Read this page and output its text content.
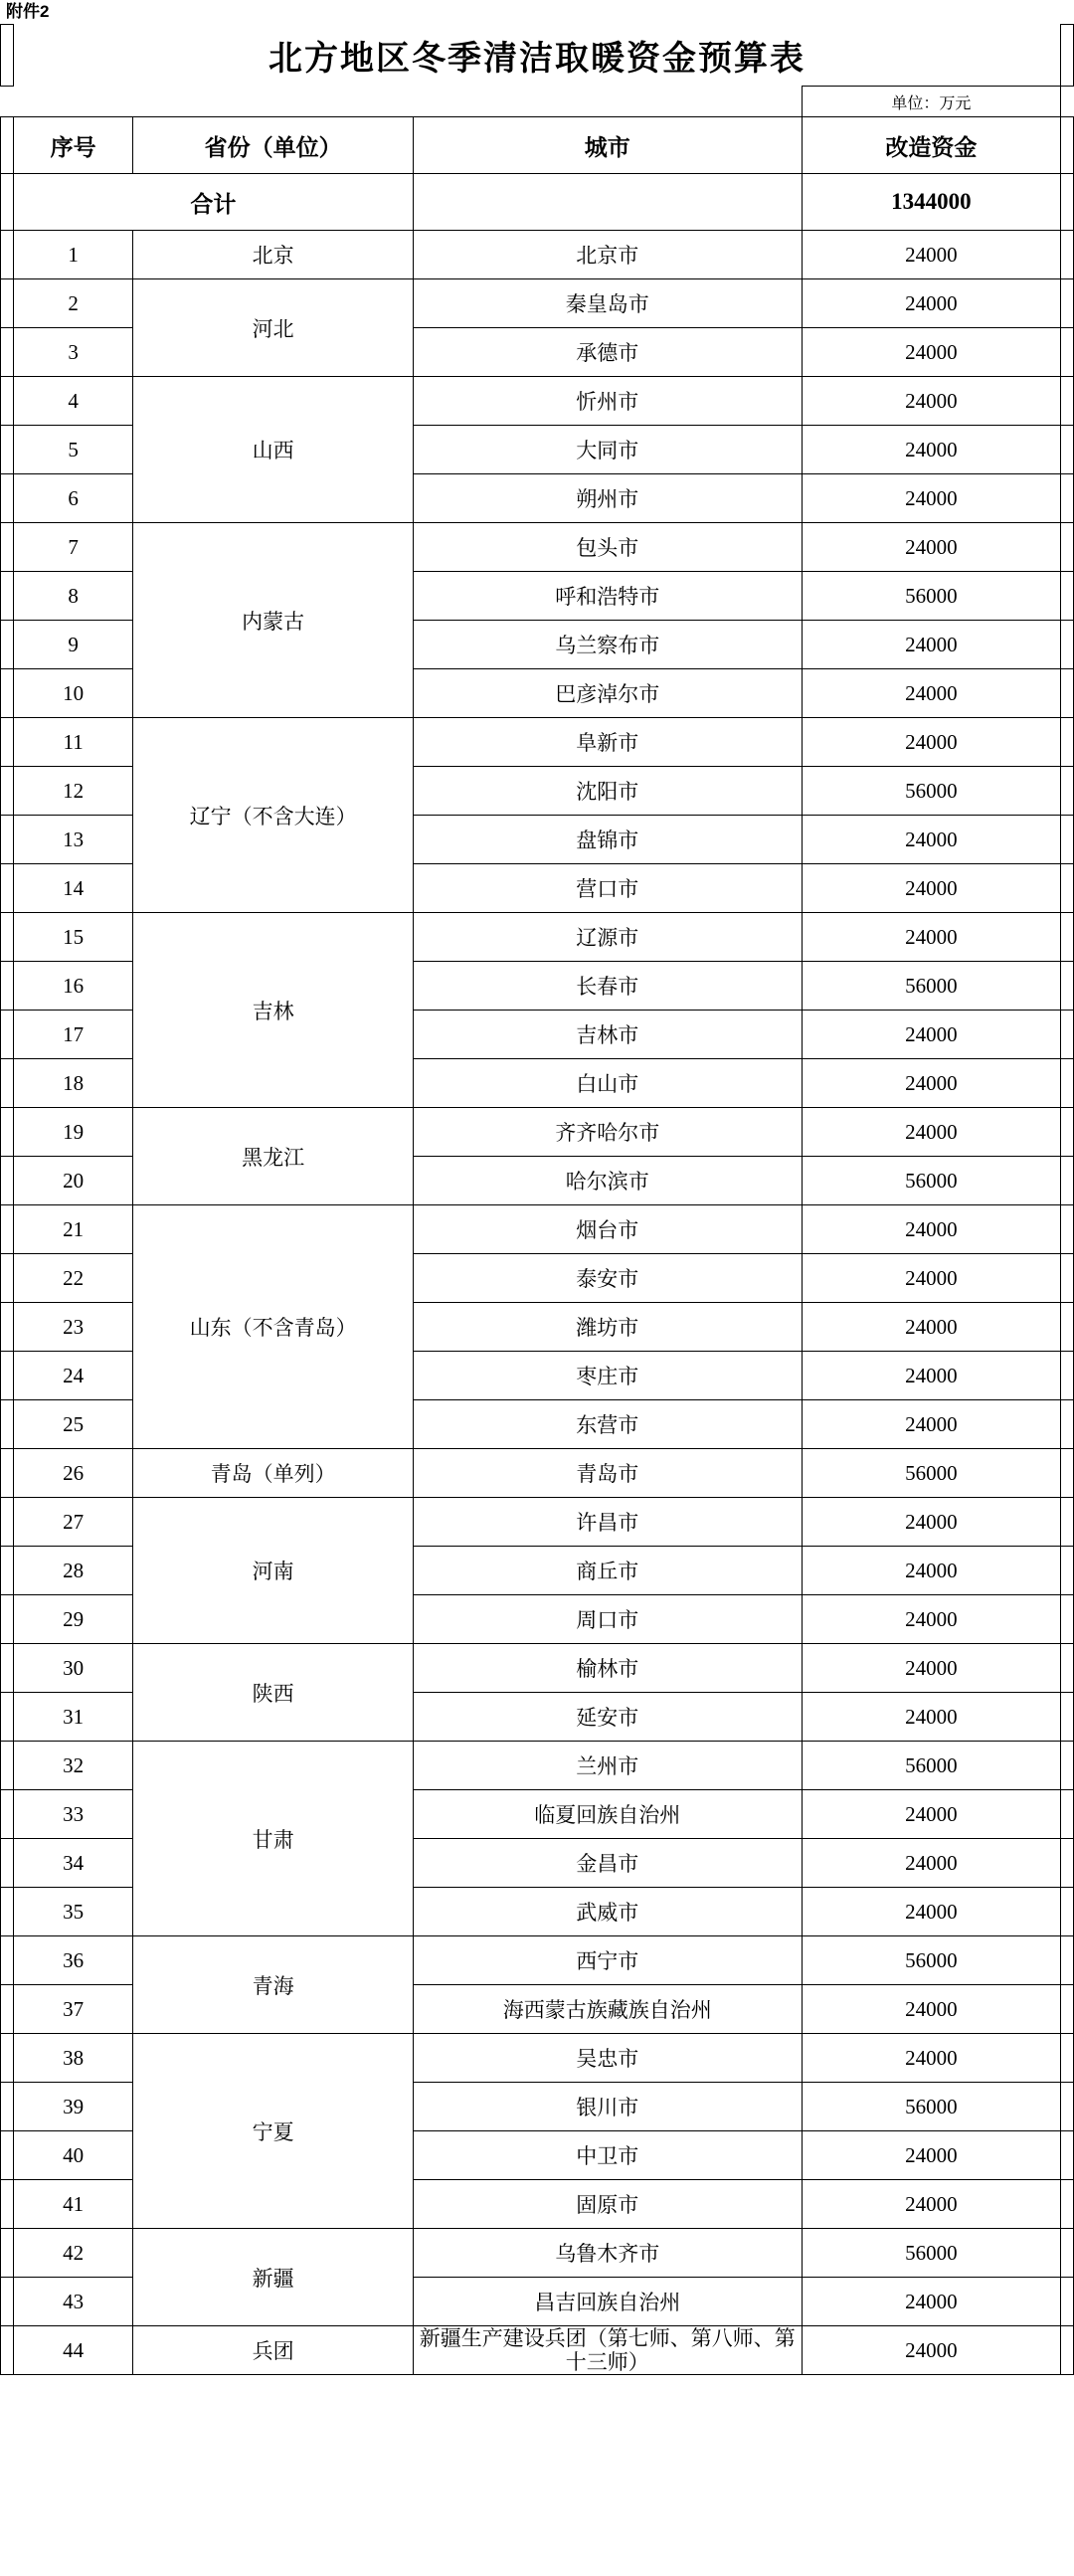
附件2
	北方地区冬季清洁取暖资金预算表				
				单位：万元	
	序号	省份（单位）	城市	改造资金	
	合计			1344000	
	1	北京	北京市	24000	
	2	河北	秦皇岛市	24000	
	3		承德市	24000	
	4	山西	忻州市	24000	
	5		大同市	24000	
	6		朔州市	24000	
	7	内蒙古	包头市	24000	
	8		呼和浩特市	56000	
	9		乌兰察布市	24000	
	10		巴彦淖尔市	24000	
	11	辽宁（不含大连）	阜新市	24000	
	12		沈阳市	56000	
	13		盘锦市	24000	
	14		营口市	24000	
	15	吉林	辽源市	24000	
	16		长春市	56000	
	17		吉林市	24000	
	18		白山市	24000	
	19	黑龙江	齐齐哈尔市	24000	
	20		哈尔滨市	56000	
	21	山东（不含青岛）	烟台市	24000	
	22		泰安市	24000	
	23		潍坊市	24000	
	24		枣庄市	24000	
	25		东营市	24000	
	26	青岛（单列）	青岛市	56000	
	27	河南	许昌市	24000	
	28		商丘市	24000	
	29		周口市	24000	
	30	陕西	榆林市	24000	
	31		延安市	24000	
	32	甘肃	兰州市	56000	
	33		临夏回族自治州	24000	
	34		金昌市	24000	
	35		武威市	24000	
	36	青海	西宁市	56000	
	37		海西蒙古族藏族自治州	24000	
	38	宁夏	吴忠市	24000	
	39		银川市	56000	
	40		中卫市	24000	
	41		固原市	24000	
	42	新疆	乌鲁木齐市	56000	
	43		昌吉回族自治州	24000	
	44	兵团	新疆生产建设兵团（第七师、第八师、第十三师）	24000	
